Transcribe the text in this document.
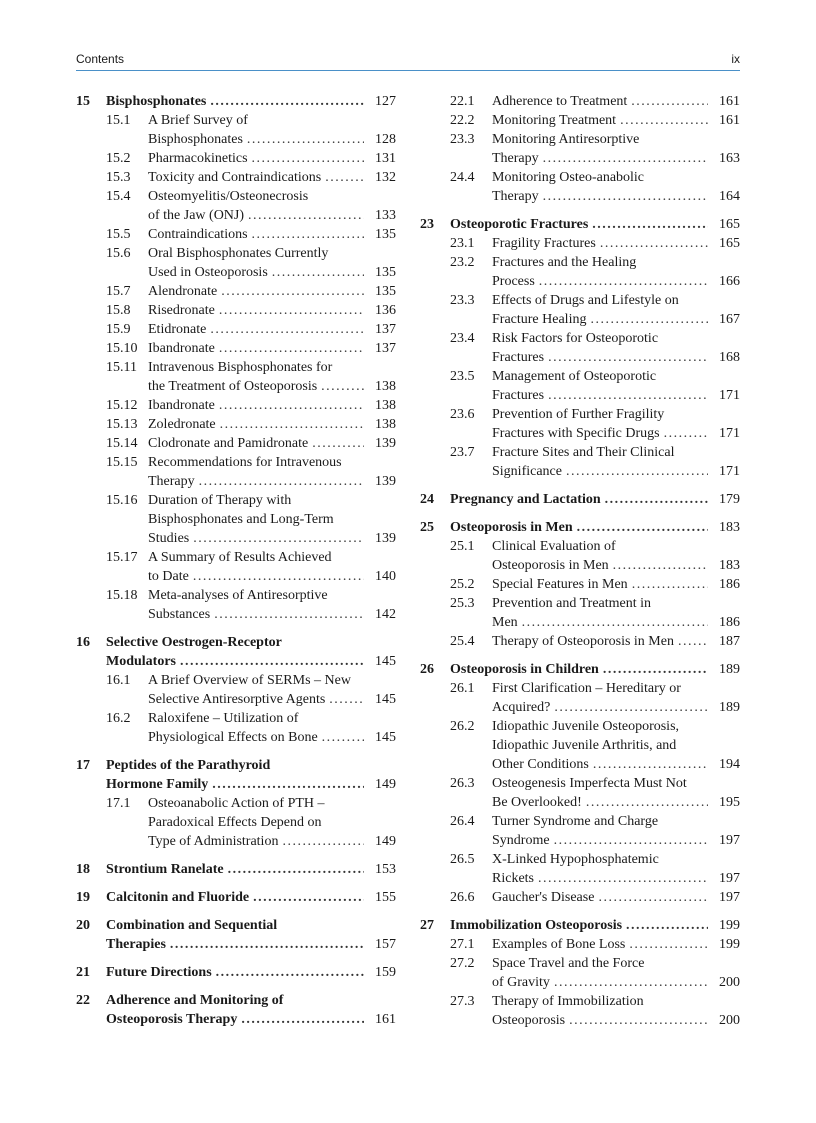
Contents	ix
15 Bisphosphonates .....	127
15.1 A Brief Survey of
Bisphosphonates .....	128
15.2 Pharmacokinetics .....	131
15.3 Toxicity and Contraindications .....	132
15.4 Osteomyelitis/Osteonecrosis
of the Jaw (ONJ) .....	133
15.5 Contraindications .....	135
15.6 Oral Bisphosphonates Currently
Used in Osteoporosis .....	135
15.7 Alendronate .....	135
15.8 Risedronate .....	136
15.9 Etidronate .....	137
15.10 Ibandronate .....	137
15.11 Intravenous Bisphosphonates for
the Treatment of Osteoporosis .....	138
15.12 Ibandronate .....	138
15.13 Zoledronate .....	138
15.14 Clodronate and Pamidronate .....	139
15.15 Recommendations for Intravenous
Therapy .....	139
15.16 Duration of Therapy with
Bisphosphonates and Long-Term
Studies .....	139
15.17 A Summary of Results Achieved
to Date .....	140
15.18 Meta-analyses of Antiresorptive
Substances .....	142
16 Selective Oestrogen-Receptor
Modulators .....	145
16.1 A Brief Overview of SERMs – New
Selective Antiresorptive Agents .....	145
16.2 Raloxifene – Utilization of
Physiological Effects on Bone .....	145
17 Peptides of the Parathyroid
Hormone Family .....	149
17.1 Osteoanabolic Action of PTH –
Paradoxical Effects Depend on
Type of Administration .....	149
18 Strontium Ranelate .....	153
19 Calcitonin and Fluoride .....	155
20 Combination and Sequential
Therapies .....	157
21 Future Directions .....	159
22 Adherence and Monitoring of
Osteoporosis Therapy .....	161
22.1 Adherence to Treatment .....	161
22.2 Monitoring Treatment .....	161
23.3 Monitoring Antiresorptive
Therapy .....	163
24.4 Monitoring Osteo-anabolic
Therapy .....	164
23 Osteoporotic Fractures .....	165
23.1 Fragility Fractures .....	165
23.2 Fractures and the Healing
Process .....	166
23.3 Effects of Drugs and Lifestyle on
Fracture Healing .....	167
23.4 Risk Factors for Osteoporotic
Fractures .....	168
23.5 Management of Osteoporotic
Fractures .....	171
23.6 Prevention of Further Fragility
Fractures with Specific Drugs .....	171
23.7 Fracture Sites and Their Clinical
Significance .....	171
24 Pregnancy and Lactation .....	179
25 Osteoporosis in Men .....	183
25.1 Clinical Evaluation of
Osteoporosis in Men .....	183
25.2 Special Features in Men .....	186
25.3 Prevention and Treatment in
Men .....	186
25.4 Therapy of Osteoporosis in Men .....	187
26 Osteoporosis in Children .....	189
26.1 First Clarification – Hereditary or
Acquired? .....	189
26.2 Idiopathic Juvenile Osteoporosis,
Idiopathic Juvenile Arthritis, and
Other Conditions .....	194
26.3 Osteogenesis Imperfecta Must Not
Be Overlooked! .....	195
26.4 Turner Syndrome and Charge
Syndrome .....	197
26.5 X-Linked Hypophosphatemic
Rickets .....	197
26.6 Gaucher's Disease .....	197
27 Immobilization Osteoporosis .....	199
27.1 Examples of Bone Loss .....	199
27.2 Space Travel and the Force
of Gravity .....	200
27.3 Therapy of Immobilization
Osteoporosis .....	200
